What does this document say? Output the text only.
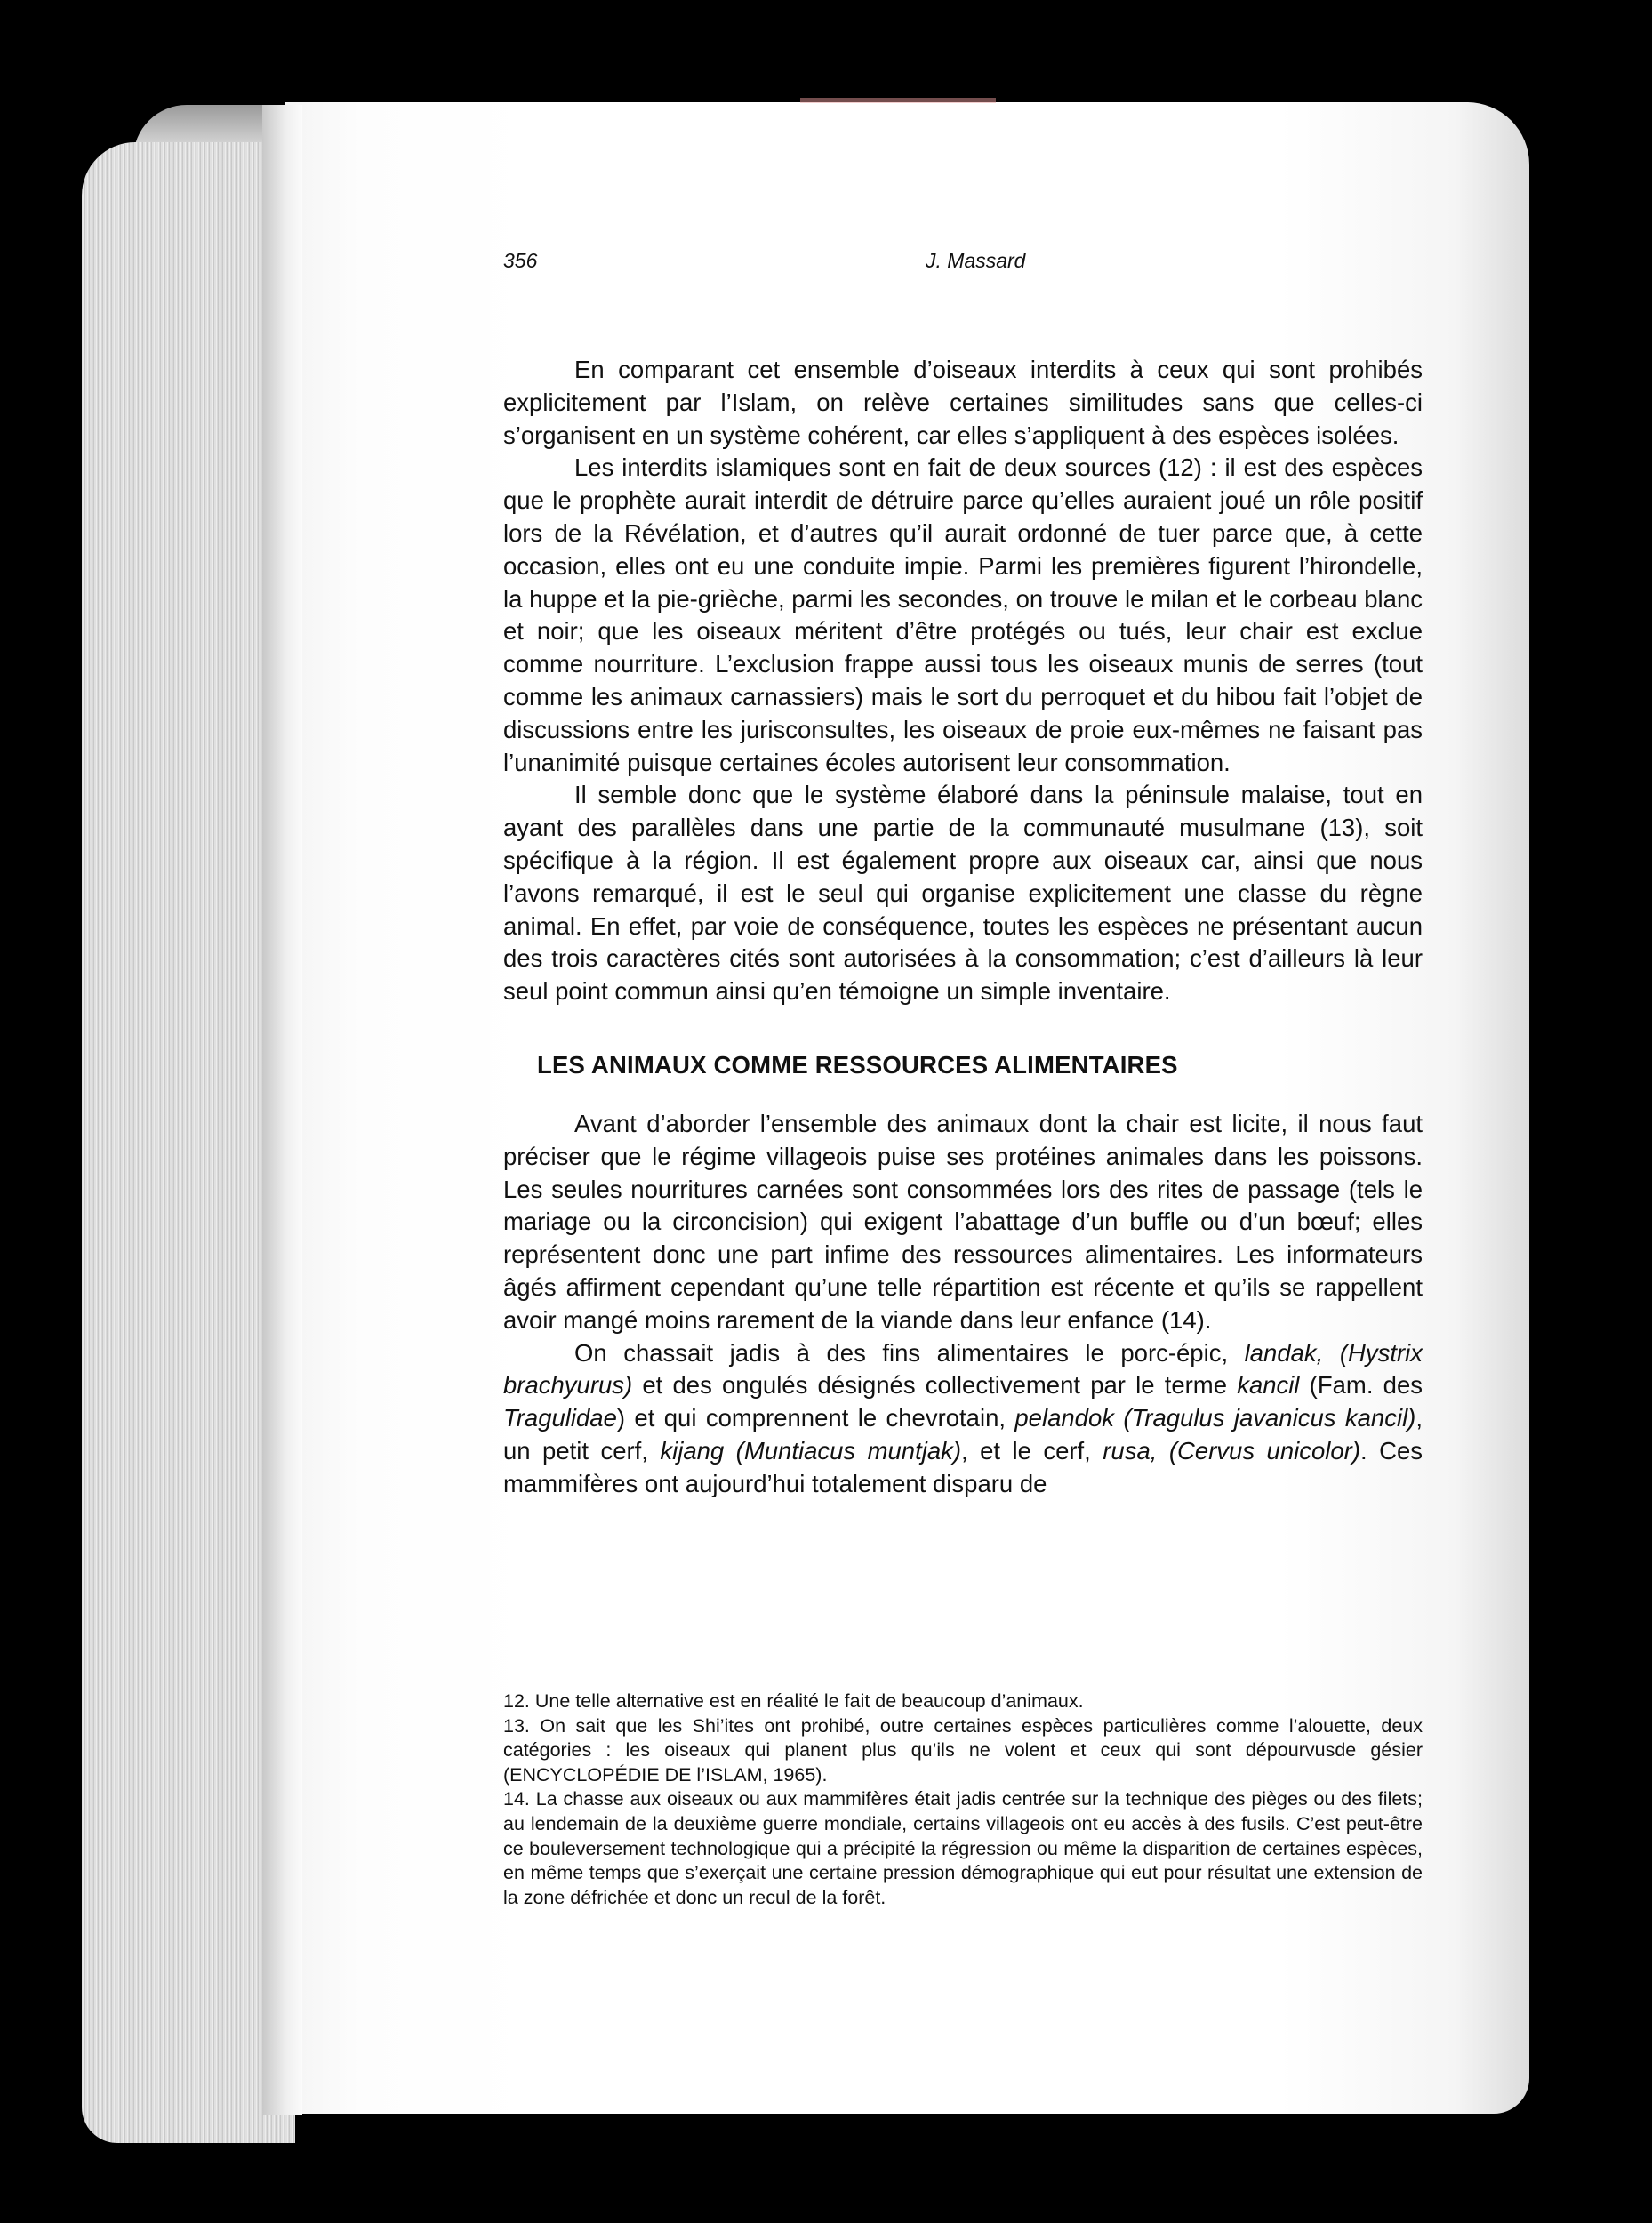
356	J. Massard

En comparant cet ensemble d’oiseaux interdits à ceux qui sont prohibés explicitement par l’Islam, on relève certaines similitudes sans que celles-ci s’organisent en un système cohérent, car elles s’appliquent à des espèces isolées.

Les interdits islamiques sont en fait de deux sources (12) : il est des espèces que le prophète aurait interdit de détruire parce qu’elles auraient joué un rôle positif lors de la Révélation, et d’autres qu’il aurait ordonné de tuer parce que, à cette occasion, elles ont eu une conduite impie. Parmi les premières figurent l’hirondelle, la huppe et la pie-grièche, parmi les secondes, on trouve le milan et le corbeau blanc et noir; que les oiseaux méritent d’être protégés ou tués, leur chair est exclue comme nourriture. L’exclusion frappe aussi tous les oiseaux munis de serres (tout comme les animaux carnassiers) mais le sort du perroquet et du hibou fait l’objet de discussions entre les jurisconsultes, les oiseaux de proie eux-mêmes ne faisant pas l’unanimité puisque certaines écoles autorisent leur consommation.

Il semble donc que le système élaboré dans la péninsule malaise, tout en ayant des parallèles dans une partie de la communauté musulmane (13), soit spécifique à la région. Il est également propre aux oiseaux car, ainsi que nous l’avons remarqué, il est le seul qui organise explicitement une classe du règne animal. En effet, par voie de conséquence, toutes les espèces ne présentant aucun des trois caractères cités sont autorisées à la consommation; c’est d’ailleurs là leur seul point commun ainsi qu’en témoigne un simple inventaire.

LES ANIMAUX COMME RESSOURCES ALIMENTAIRES

Avant d’aborder l’ensemble des animaux dont la chair est licite, il nous faut préciser que le régime villageois puise ses protéines animales dans les poissons. Les seules nourritures carnées sont consommées lors des rites de passage (tels le mariage ou la circoncision) qui exigent l’abattage d’un buffle ou d’un bœuf; elles représentent donc une part infime des ressources alimentaires. Les informateurs âgés affirment cependant qu’une telle répartition est récente et qu’ils se rappellent avoir mangé moins rarement de la viande dans leur enfance (14).

On chassait jadis à des fins alimentaires le porc-épic, landak, (Hystrix brachyurus) et des ongulés désignés collectivement par le terme kancil (Fam. des Tragulidae) et qui comprennent le chevrotain, pelandok (Tragulus javanicus kancil), un petit cerf, kijang (Muntiacus muntjak), et le cerf, rusa, (Cervus unicolor). Ces mammifères ont aujourd’hui totalement disparu de

12. Une telle alternative est en réalité le fait de beaucoup d’animaux.

13. On sait que les Shi’ites ont prohibé, outre certaines espèces particulières comme l’alouette, deux catégories : les oiseaux qui planent plus qu’ils ne volent et ceux qui sont dépourvusde gésier (ENCYCLOPÉDIE DE l’ISLAM, 1965).

14. La chasse aux oiseaux ou aux mammifères était jadis centrée sur la technique des pièges ou des filets; au lendemain de la deuxième guerre mondiale, certains villageois ont eu accès à des fusils. C’est peut-être ce bouleversement technologique qui a précipité la régression ou même la disparition de certaines espèces, en même temps que s’exerçait une certaine pression démographique qui eut pour résultat une extension de la zone défrichée et donc un recul de la forêt.
